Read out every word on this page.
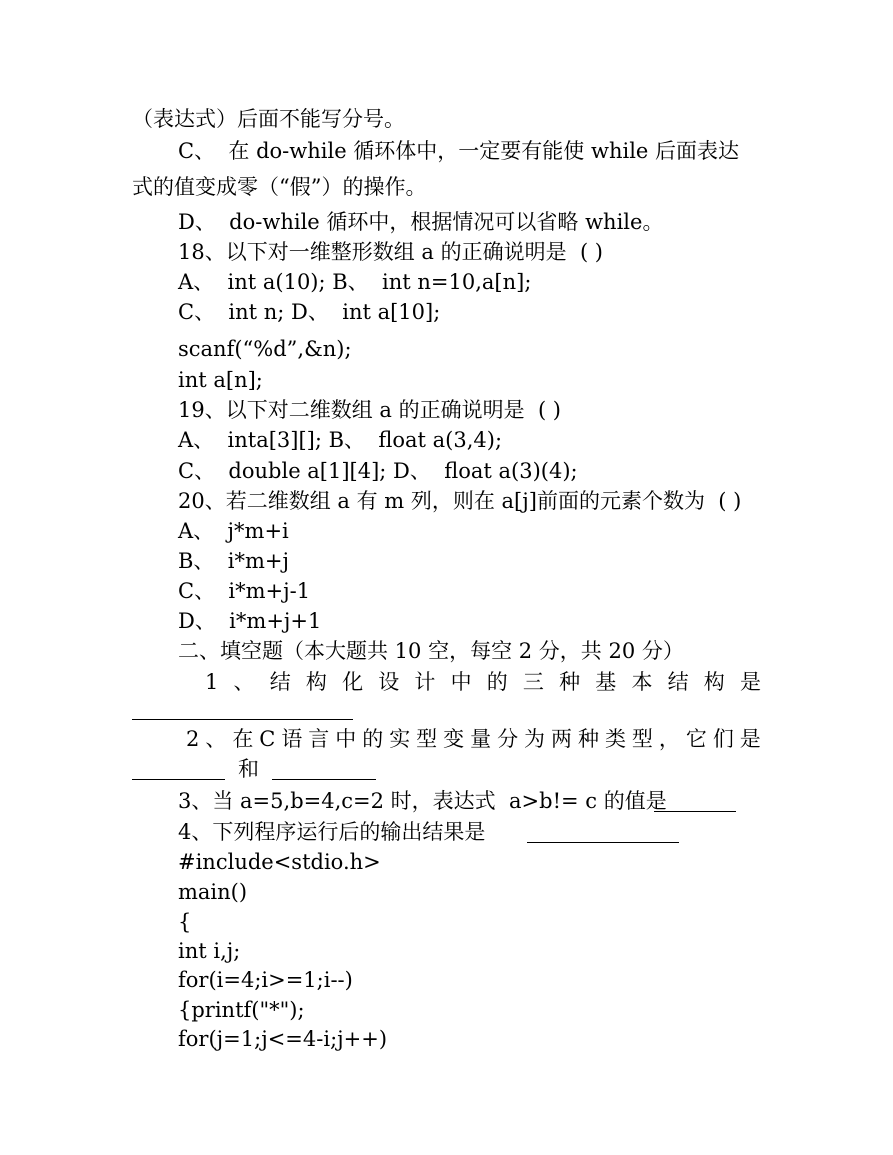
（表达式）后面不能写分号。
C、  在 do-while 循环体中，一定要有能使 while 后面表达
式的值变成零（“假”）的操作。
D、  do-while 循环中，根据情况可以省略 while。
18、以下对一维整形数组 a 的正确说明是  ( )
A、  int a(10); B、  int n=10,a[n];
C、  int n; D、  int a[10];
scanf(“%d”,&n);
int a[n];
19、以下对二维数组 a 的正确说明是  ( )
A、  inta[3][]; B、  float a(3,4);
C、  double a[1][4]; D、  float a(3)(4);
20、若二维数组 a 有 m 列，则在 a[j]前面的元素个数为  ( )
A、  j*m+i
B、  i*m+j
C、  i*m+j-1
D、  i*m+j+1
二、填空题（本大题共 10 空，每空 2 分，共 20 分）
1 、 结 构 化 设 计 中 的 三 种 基 本 结 构 是
2 、 在 C 语 言 中 的 实 型 变 量 分 为 两 种 类 型 ， 它 们 是
和
3、当 a=5,b=4,c=2 时，表达式  a>b!= c 的值是
4、下列程序运行后的输出结果是
#include<stdio.h>
main()
{
int i,j;
for(i=4;i>=1;i--)
{printf("*");
for(j=1;j<=4-i;j++)
